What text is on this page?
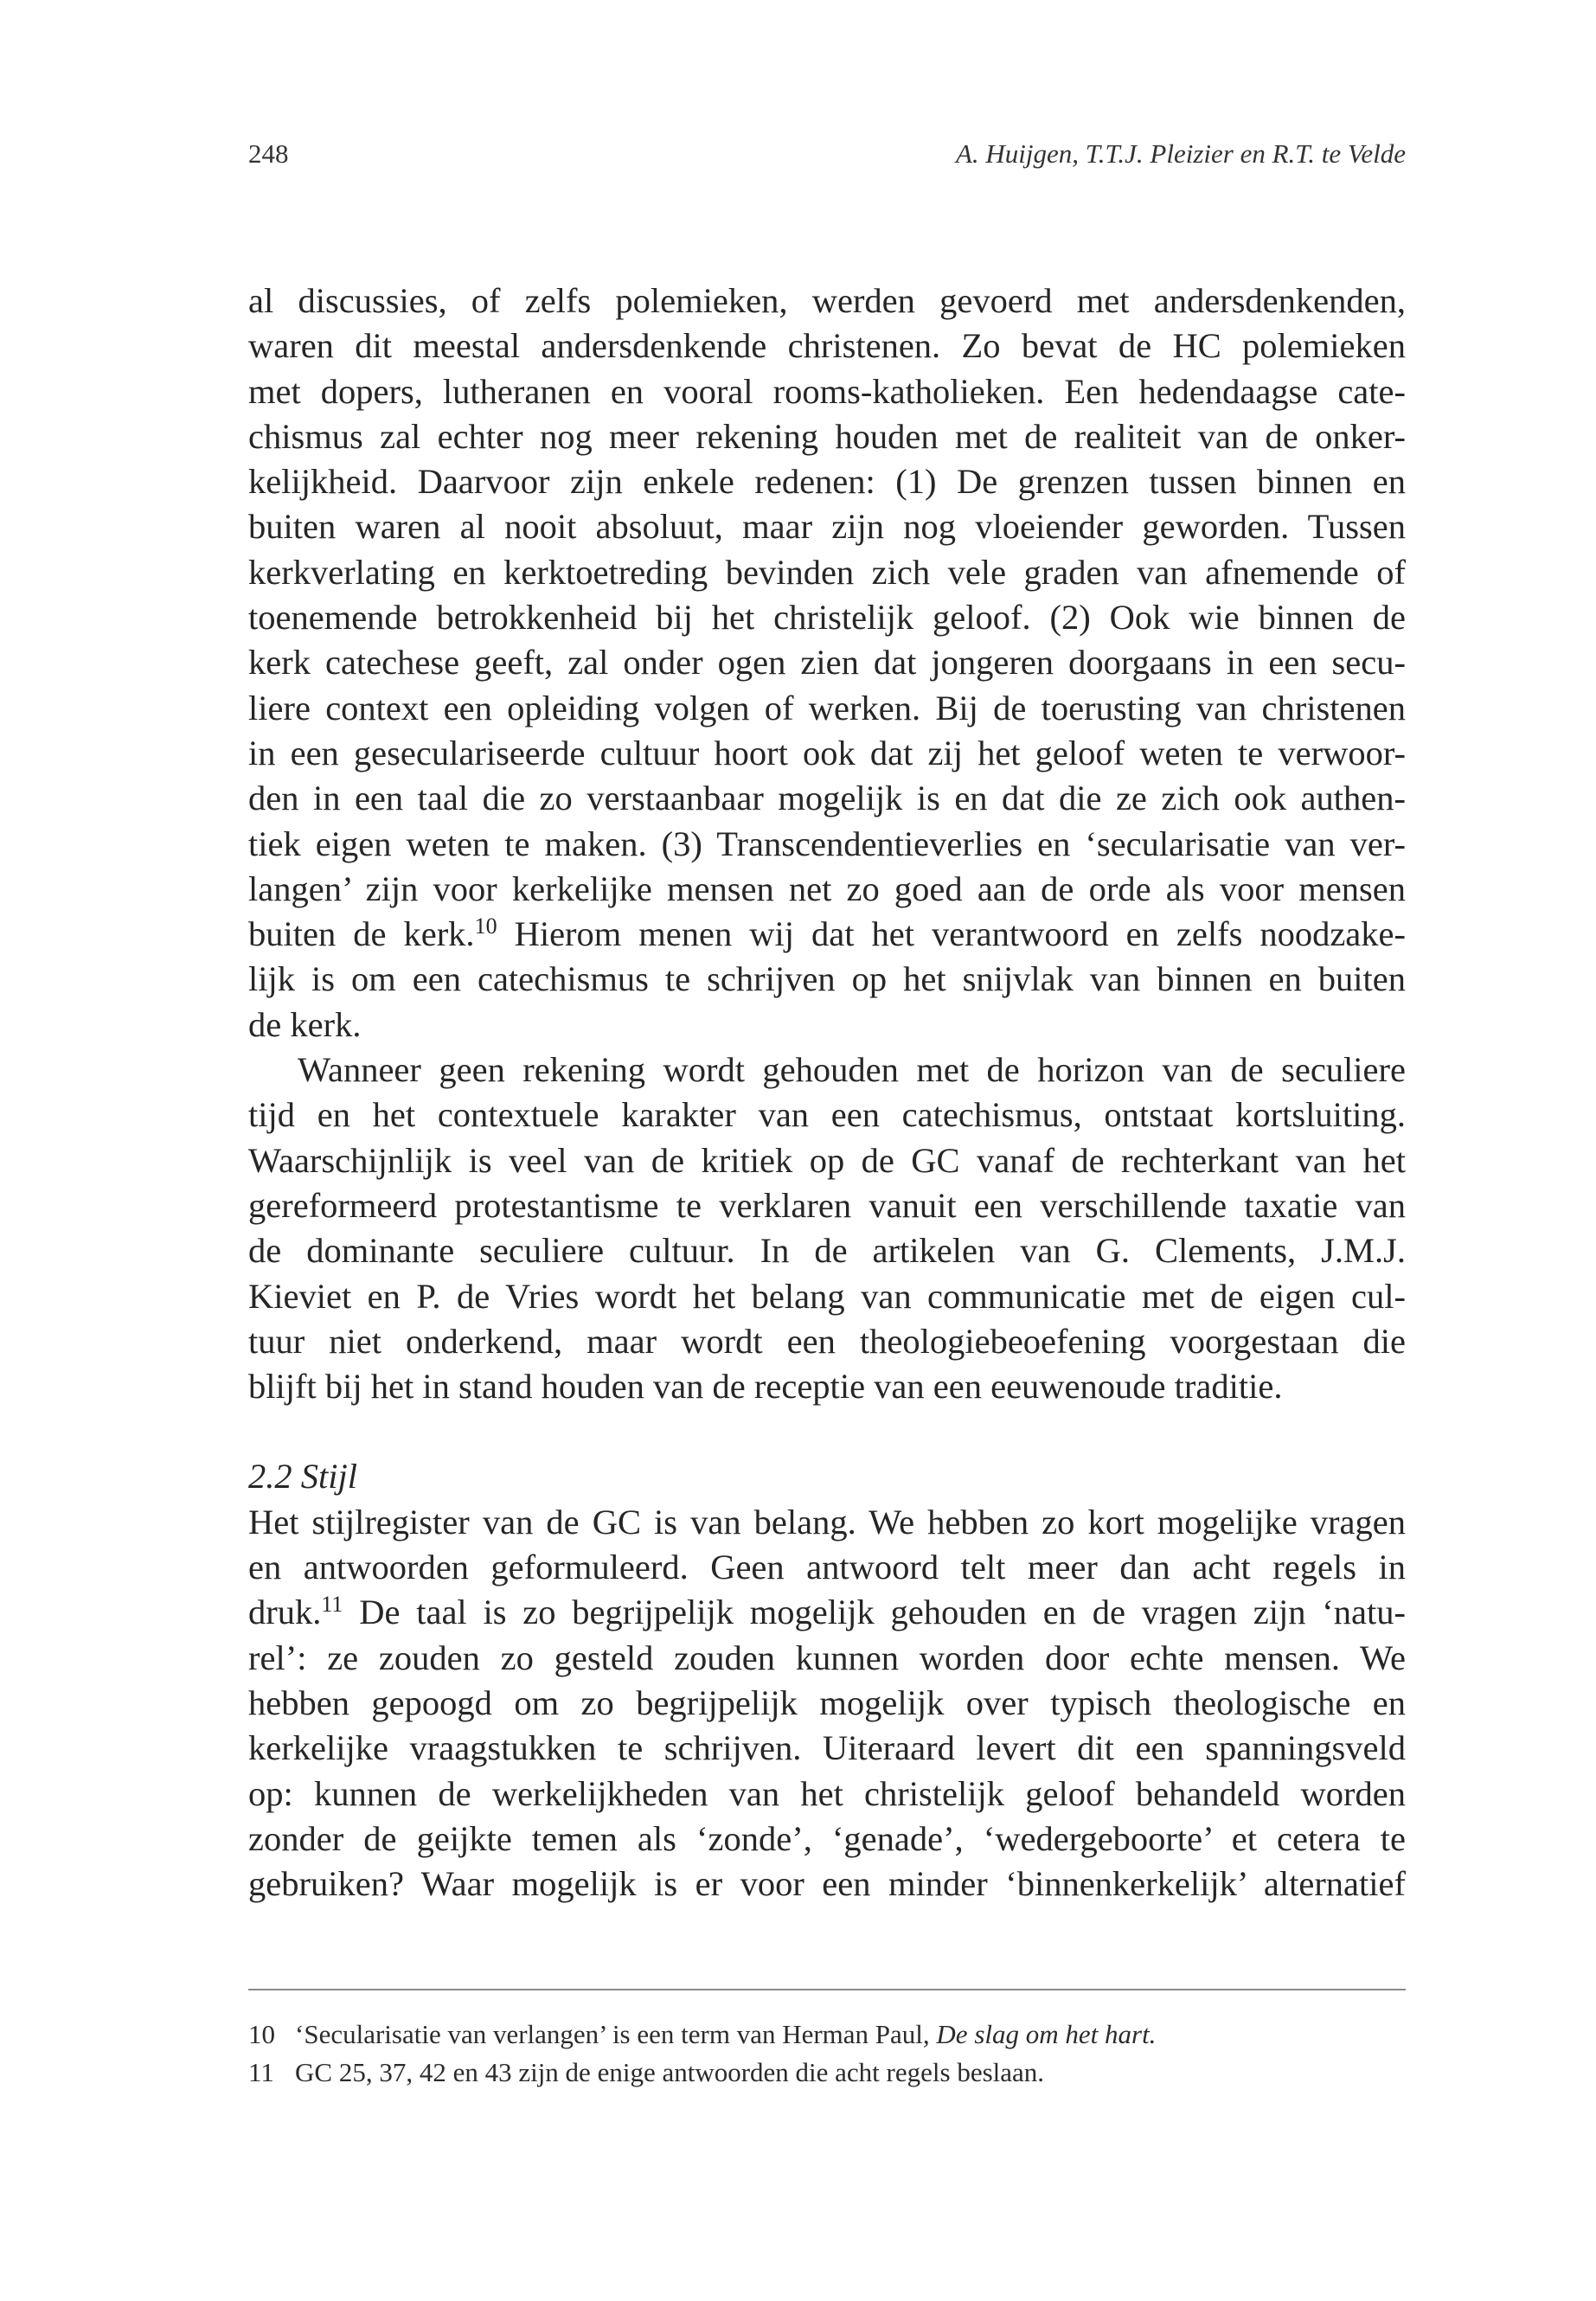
248	A. Huijgen, T.T.J. Pleizier en R.T. te Velde
al discussies, of zelfs polemieken, werden gevoerd met andersdenkenden,
waren dit meestal andersdenkende christenen. Zo bevat de HC polemieken
met dopers, lutheranen en vooral rooms-katholieken. Een hedendaagse cate-
chismus zal echter nog meer rekening houden met de realiteit van de onker-
kelijkheid. Daarvoor zijn enkele redenen: (1) De grenzen tussen binnen en
buiten waren al nooit absoluut, maar zijn nog vloeiender geworden. Tussen
kerkverlating en kerktoetreding bevinden zich vele graden van afnemende of
toenemende betrokkenheid bij het christelijk geloof. (2) Ook wie binnen de
kerk catechese geeft, zal onder ogen zien dat jongeren doorgaans in een secu-
liere context een opleiding volgen of werken. Bij de toerusting van christenen
in een geseculariseerde cultuur hoort ook dat zij het geloof weten te verwoor-
den in een taal die zo verstaanbaar mogelijk is en dat die ze zich ook authen-
tiek eigen weten te maken. (3) Transcendentieverlies en ‘secularisatie van ver-
langen’ zijn voor kerkelijke mensen net zo goed aan de orde als voor mensen
buiten de kerk.$^{10}$ Hierom menen wij dat het verantwoord en zelfs noodzake-
lijk is om een catechismus te schrijven op het snijvlak van binnen en buiten
de kerk.
Wanneer geen rekening wordt gehouden met de horizon van de seculiere
tijd en het contextuele karakter van een catechismus, ontstaat kortsluiting.
Waarschijnlijk is veel van de kritiek op de GC vanaf de rechterkant van het
gereformeerd protestantisme te verklaren vanuit een verschillende taxatie van
de dominante seculiere cultuur. In de artikelen van G. Clements, J.M.J.
Kieviet en P. de Vries wordt het belang van communicatie met de eigen cul-
tuur niet onderkend, maar wordt een theologiebeoefening voorgestaan die
blijft bij het in stand houden van de receptie van een eeuwenoude traditie.
2.2 Stijl
Het stijlregister van de GC is van belang. We hebben zo kort mogelijke vragen
en antwoorden geformuleerd. Geen antwoord telt meer dan acht regels in
druk.$^{11}$ De taal is zo begrijpelijk mogelijk gehouden en de vragen zijn ‘natu-
rel’: ze zouden zo gesteld zouden kunnen worden door echte mensen. We
hebben gepoogd om zo begrijpelijk mogelijk over typisch theologische en
kerkelijke vraagstukken te schrijven. Uiteraard levert dit een spanningsveld
op: kunnen de werkelijkheden van het christelijk geloof behandeld worden
zonder de geijkte temen als ‘zonde’, ‘genade’, ‘wedergeboorte’ et cetera te
gebruiken? Waar mogelijk is er voor een minder ‘binnenkerkelijk’ alternatief
10 ‘Secularisatie van verlangen’ is een term van Herman Paul, De slag om het hart.
11 GC 25, 37, 42 en 43 zijn de enige antwoorden die acht regels beslaan.
